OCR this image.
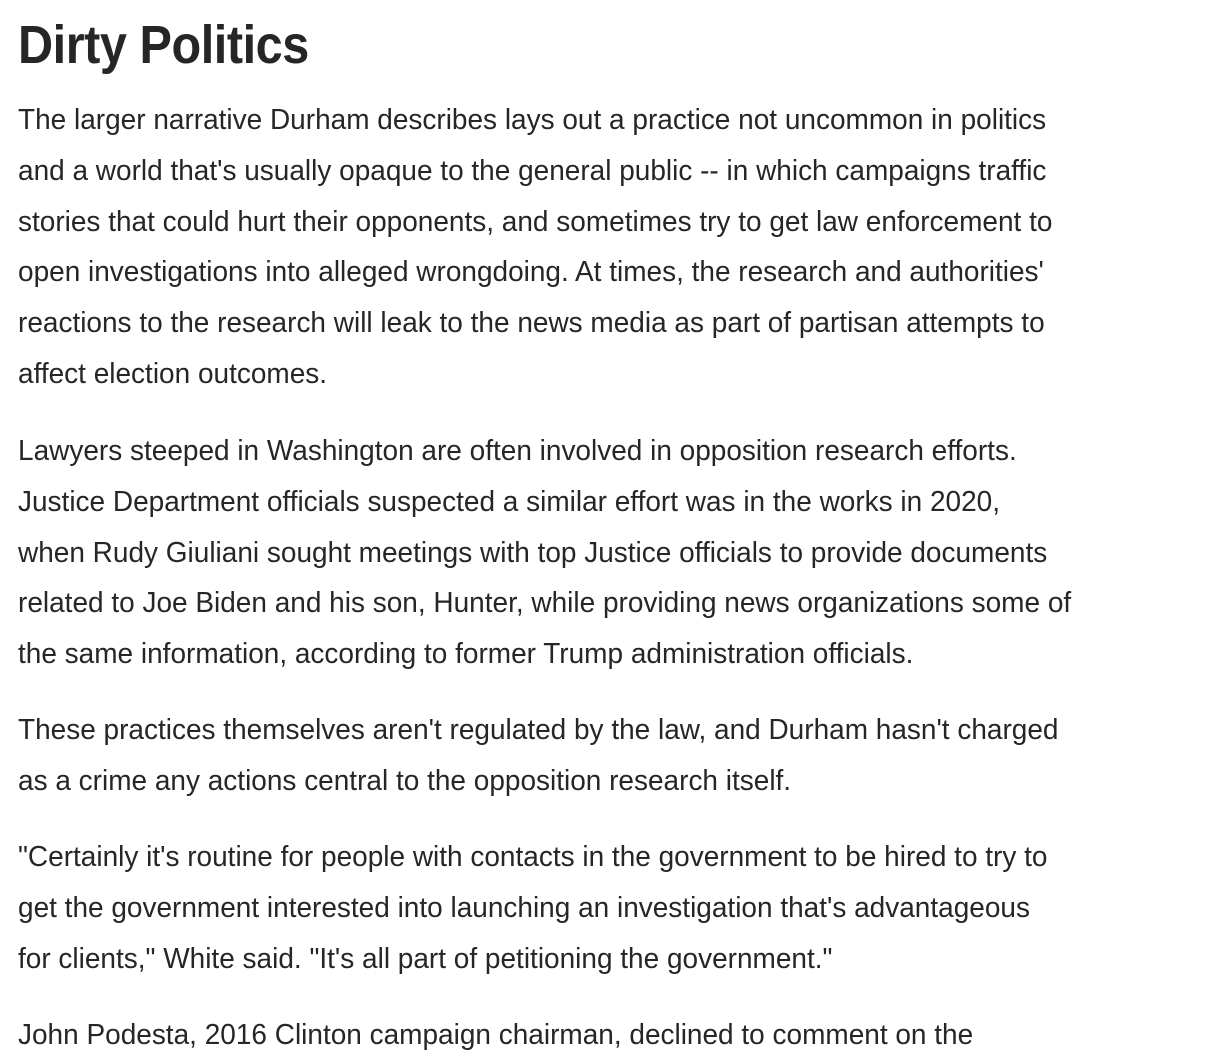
Dirty Politics

The larger narrative Durham describes lays out a practice not uncommon in politics
and a world that's usually opaque to the general public -- in which campaigns traffic
stories that could hurt their opponents, and sometimes try to get law enforcement to
open investigations into alleged wrongdoing. At times, the research and authorities'
reactions to the research will leak to the news media as part of partisan attempts to
affect election outcomes.

Lawyers steeped in Washington are often involved in opposition research efforts.
Justice Department officials suspected a similar effort was in the works in 2020,
when Rudy Giuliani sought meetings with top Justice officials to provide documents
related to Joe Biden and his son, Hunter, while providing news organizations some of
the same information, according to former Trump administration officials.

These practices themselves aren't regulated by the law, and Durham hasn't charged
as a crime any actions central to the opposition research itself.

"Certainly it's routine for people with contacts in the government to be hired to try to
get the government interested into launching an investigation that's advantageous
for clients," White said. "It's all part of petitioning the government."

John Podesta, 2016 Clinton campaign chairman, declined to comment on the
